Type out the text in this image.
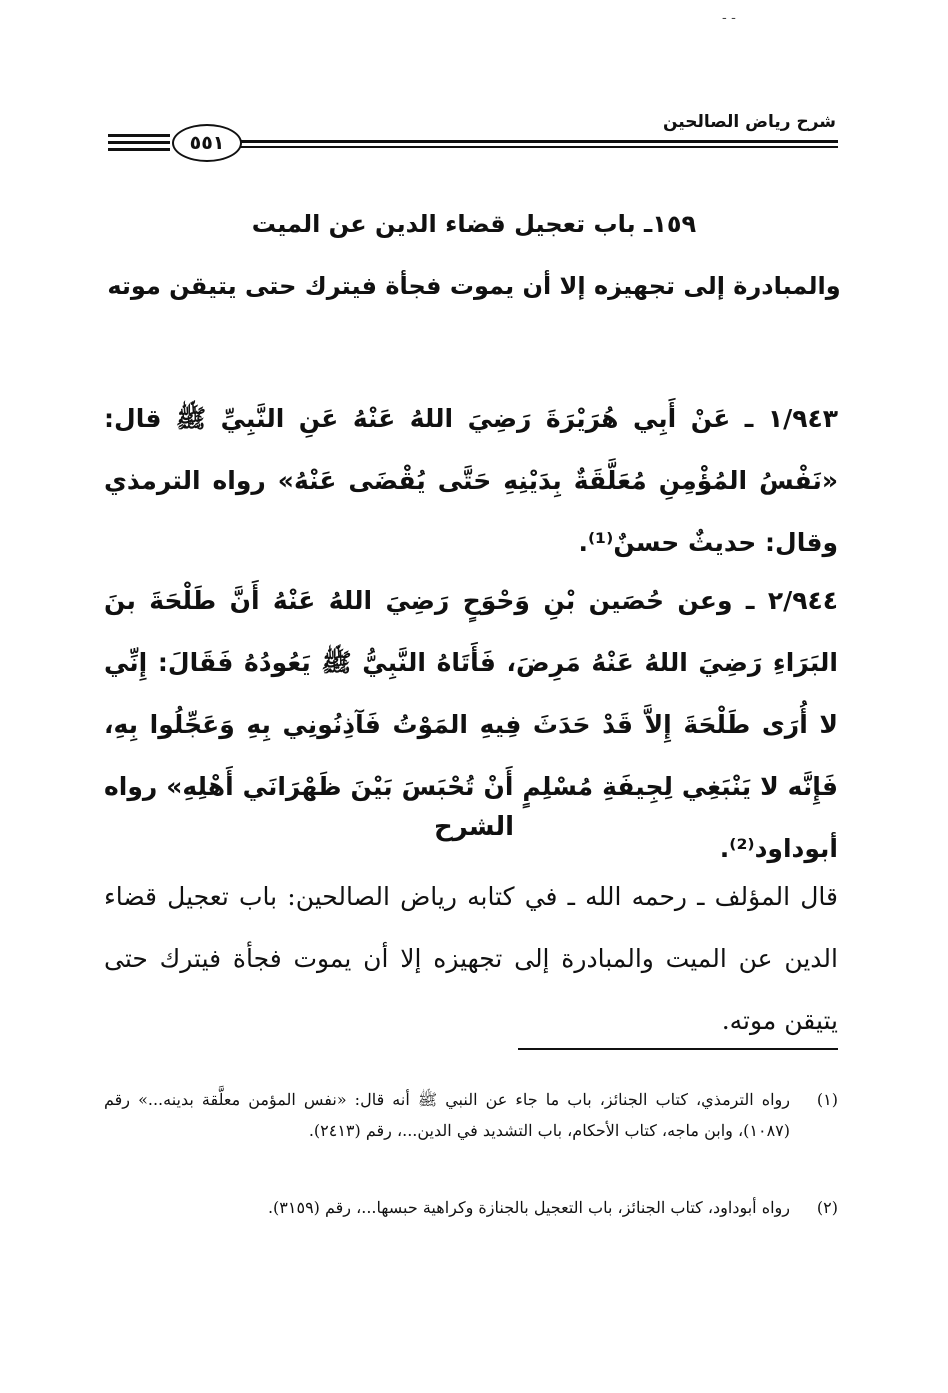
- -
شرح رياض الصالحين
٥٥١
١٥٩ـ باب تعجيل قضاء الدين عن الميت
والمبادرة إلى تجهيزه إلا أن يموت فجأة فيترك حتى يتيقن موته
١/٩٤٣ ـ عَنْ أَبِي هُرَيْرَةَ رَضِيَ اللهُ عَنْهُ عَنِ النَّبِيِّ ﷺ قال: «نَفْسُ المُؤْمِنِ مُعَلَّقَةٌ بِدَيْنِهِ حَتَّى يُقْضَى عَنْهُ» رواه الترمذي وقال: حديثٌ حسنٌ⁽¹⁾.
٢/٩٤٤ ـ وعن حُصَين بْنِ وَحْوَحٍ رَضِيَ اللهُ عَنْهُ أَنَّ طَلْحَةَ بنَ البَرَاءِ رَضِيَ اللهُ عَنْهُ مَرِضَ، فَأَتَاهُ النَّبِيُّ ﷺ يَعُودُهُ فَقَالَ: إِنِّي لا أُرَى طَلْحَةَ إِلاَّ قَدْ حَدَثَ فِيهِ المَوْتُ فَآذِنُونِي بِهِ وَعَجِّلُوا بِهِ، فَإِنَّه لا يَنْبَغِي لِجِيفَةِ مُسْلِمٍ أَنْ تُحْبَسَ بَيْنَ ظَهْرَانَي أَهْلِهِ» رواه أبوداود⁽²⁾.
الشرح
قال المؤلف ـ رحمه الله ـ في كتابه رياض الصالحين: باب تعجيل قضاء الدين عن الميت والمبادرة إلى تجهيزه إلا أن يموت فجأة فيترك حتى يتيقن موته.
(١)
رواه الترمذي، كتاب الجنائز، باب ما جاء عن النبي ﷺ أنه قال: «نفس المؤمن معلَّقة بدينه...» رقم (١٠٨٧)، وابن ماجه، كتاب الأحكام، باب التشديد في الدين...، رقم (٢٤١٣).
(٢)
رواه أبوداود، كتاب الجنائز، باب التعجيل بالجنازة وكراهية حبسها...، رقم (٣١٥٩).
